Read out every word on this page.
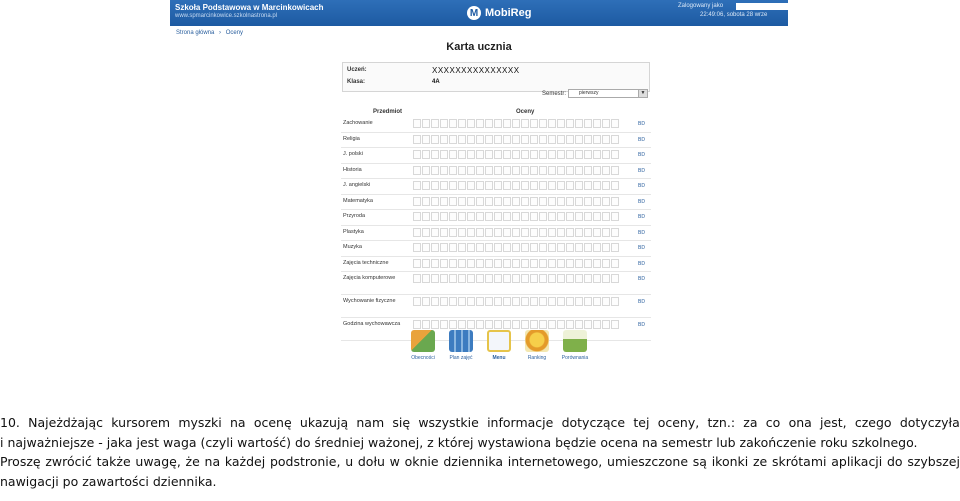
Szkoła Podstawowa w Marcinkowicach
www.spmarcinkowice.szkolnastrona.pl	M MobiReg
Zalogowany jako
22:49:06, sobota 28 wrze
Strona główna › Oceny
Karta ucznia
Uczeń:	XXXXXXXXXXXXXXX
Klasa:	4A
Semestr:	pierwszy	▼
Przedmiot	Oceny
Zachowanie	BD
Religia	BD
J. polski	BD
Historia	BD
J. angielski	BD
Matematyka	BD
Przyroda	BD
Plastyka	BD
Muzyka	BD
Zajęcia techniczne	BD
Zajęcia komputerowe	BD
Wychowanie fizyczne	BD
Godzina wychowawcza	BD
Obecności	Plan zajęć	Menu	Ranking	Porównania
10. Najeżdżając kursorem myszki na ocenę ukazują nam się wszystkie informacje dotyczące tej oceny, tzn.: za co ona jest, czego dotyczyła
i najważniejsze - jaka jest waga (czyli wartość) do średniej ważonej, z której wystawiona będzie ocena na semestr lub zakończenie roku szkolnego.
Proszę zwrócić także uwagę, że na każdej podstronie, u dołu w oknie dziennika internetowego, umieszczone są ikonki ze skrótami aplikacji do szybszej
nawigacji po zawartości dziennika.
